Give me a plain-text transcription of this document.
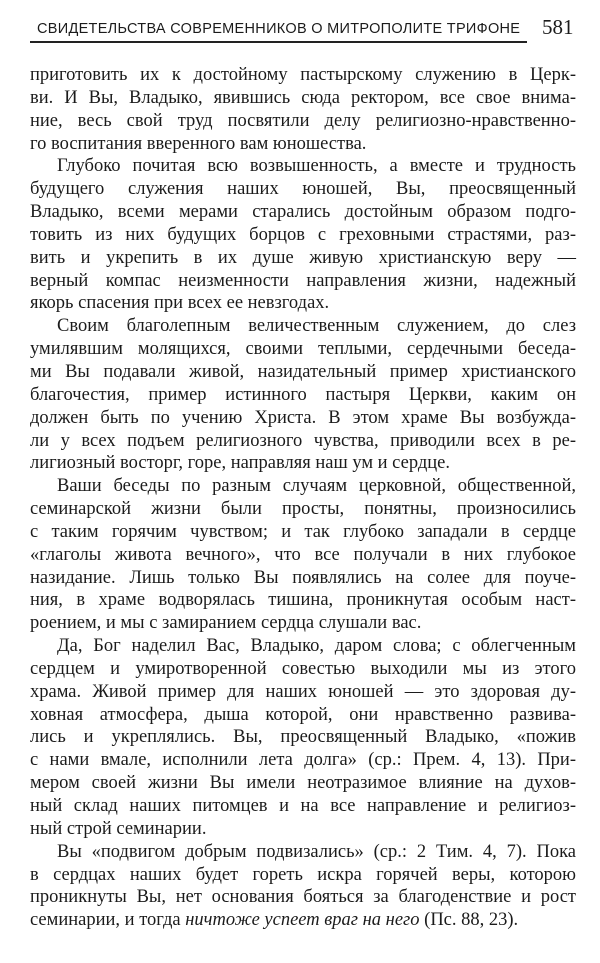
СВИДЕТЕЛЬСТВА СОВРЕМЕННИКОВ О МИТРОПОЛИТЕ ТРИФОНЕ 581
приготовить их к достойному пастырскому служению в Церк-
ви. И Вы, Владыко, явившись сюда ректором, все свое внима-
ние, весь свой труд посвятили делу религиозно-нравственно-
го воспитания вверенного вам юношества.
Глубоко почитая всю возвышенность, а вместе и трудность
будущего служения наших юношей, Вы, преосвященный
Владыко, всеми мерами старались достойным образом подго-
товить из них будущих борцов с греховными страстями, раз-
вить и укрепить в их душе живую христианскую веру —
верный компас неизменности направления жизни, надежный
якорь спасения при всех ее невзгодах.
Своим благолепным величественным служением, до слез
умилявшим молящихся, своими теплыми, сердечными беседа-
ми Вы подавали живой, назидательный пример христианского
благочестия, пример истинного пастыря Церкви, каким он
должен быть по учению Христа. В этом храме Вы возбужда-
ли у всех подъем религиозного чувства, приводили всех в ре-
лигиозный восторг, горе, направляя наш ум и сердце.
Ваши беседы по разным случаям церковной, общественной,
семинарской жизни были просты, понятны, произносились
с таким горячим чувством; и так глубоко западали в сердце
«глаголы живота вечного», что все получали в них глубокое
назидание. Лишь только Вы появлялись на солее для поуче-
ния, в храме водворялась тишина, проникнутая особым наст-
роением, и мы с замиранием сердца слушали вас.
Да, Бог наделил Вас, Владыко, даром слова; с облегченным
сердцем и умиротворенной совестью выходили мы из этого
храма. Живой пример для наших юношей — это здоровая ду-
ховная атмосфера, дыша которой, они нравственно развива-
лись и укреплялись. Вы, преосвященный Владыко, «пожив
с нами вмале, исполнили лета долга» (ср.: Прем. 4, 13). При-
мером своей жизни Вы имели неотразимое влияние на духов-
ный склад наших питомцев и на все направление и религиоз-
ный строй семинарии.
Вы «подвигом добрым подвизались» (ср.: 2 Тим. 4, 7). Пока
в сердцах наших будет гореть искра горячей веры, которою
проникнуты Вы, нет основания бояться за благоденствие и рост
семинарии, и тогда ничтоже успеет враг на него (Пс. 88, 23).
